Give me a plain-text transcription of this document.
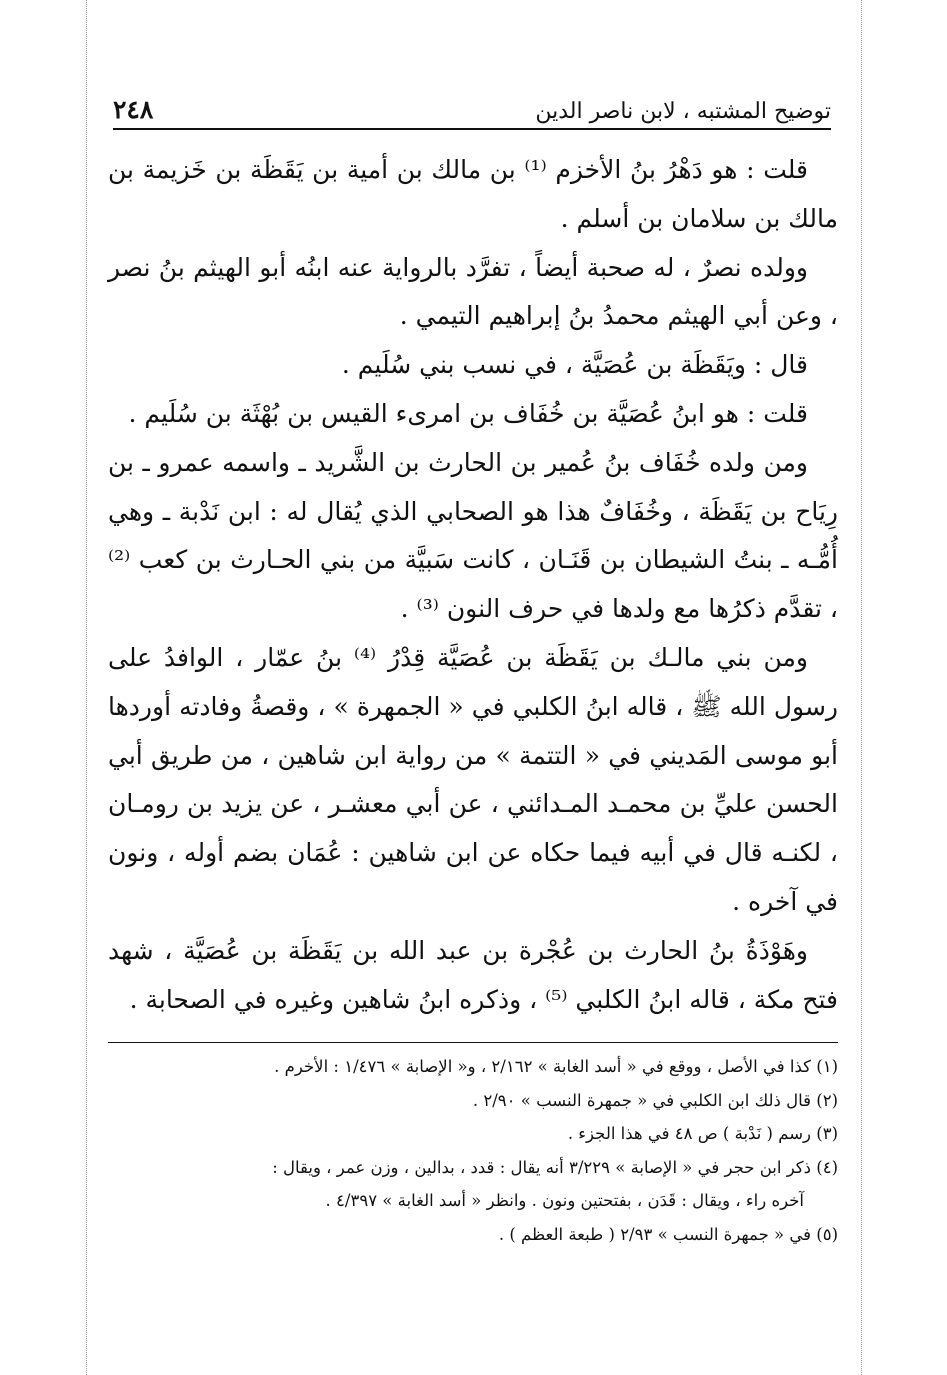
توضيح المشتبه ، لابن ناصر الدين
٢٤٨

قلت : هو دَهْرُ بنُ الأخزم ⁽¹⁾ بن مالك بن أمية بن يَقَظَة بن خَزيمة بن مالك بن سلامان بن أسلم .

وولده نصرٌ ، له صحبة أيضاً ، تفرَّد بالرواية عنه ابنُه أبو الهيثم بنُ نصر ، وعن أبي الهيثم محمدُ بنُ إبراهيم التيمي .

قال : ويَقَظَة بن عُصَيَّة ، في نسب بني سُلَيم .

قلت : هو ابنُ عُصَيَّة بن خُفَاف بن امرىء القيس بن بُهْثَة بن سُلَيم .

ومن ولده خُفَاف بنُ عُمير بن الحارث بن الشَّريد ـ واسمه عمرو ـ بن رِيَاح بن يَقَظَة ، وخُفَافٌ هذا هو الصحابي الذي يُقال له : ابن نَدْبة ـ وهي أُمُّـه ـ بنتُ الشيطان بن قَنَـان ، كانت سَبيَّة من بني الحـارث بن كعب ⁽²⁾ ، تقدَّم ذكرُها مع ولدها في حرف النون ⁽³⁾ .

ومن بني مالـك بن يَقَظَة بن عُصَيَّة قِدْرُ ⁽⁴⁾ بنُ عمّار ، الوافدُ على رسول الله ﷺ ، قاله ابنُ الكلبي في « الجمهرة » ، وقصةُ وفادته أوردها أبو موسى المَديني في « التتمة » من رواية ابن شاهين ، من طريق أبي الحسن عليِّ بن محمـد المـدائني ، عن أبي معشـر ، عن يزيد بن رومـان ، لكنـه قال في أبيه فيما حكاه عن ابن شاهين : عُمَان بضم أوله ، ونون في آخره .

وهَوْذَةُ بنُ الحارث بن عُجْرة بن عبد الله بن يَقَظَة بن عُصَيَّة ، شهد فتح مكة ، قاله ابنُ الكلبي ⁽⁵⁾ ، وذكره ابنُ شاهين وغيره في الصحابة .

(١) كذا في الأصل ، ووقع في « أسد الغابة » ٢/١٦٢ ، و« الإصابة » ١/٤٧٦ : الأخرم .

(٢) قال ذلك ابن الكلبي في « جمهرة النسب » ٢/٩٠ .

(٣) رسم ( نَدْبة ) ص ٤٨ في هذا الجزء .

(٤) ذكر ابن حجر في « الإصابة » ٣/٢٢٩ أنه يقال : قدد ، بدالين ، وزن عمر ، ويقال :

آخره راء ، ويقال : قَدَن ، بفتحتين ونون . وانظر « أسد الغابة » ٤/٣٩٧ .

(٥) في « جمهرة النسب » ٢/٩٣ ( طبعة العظم ) .
